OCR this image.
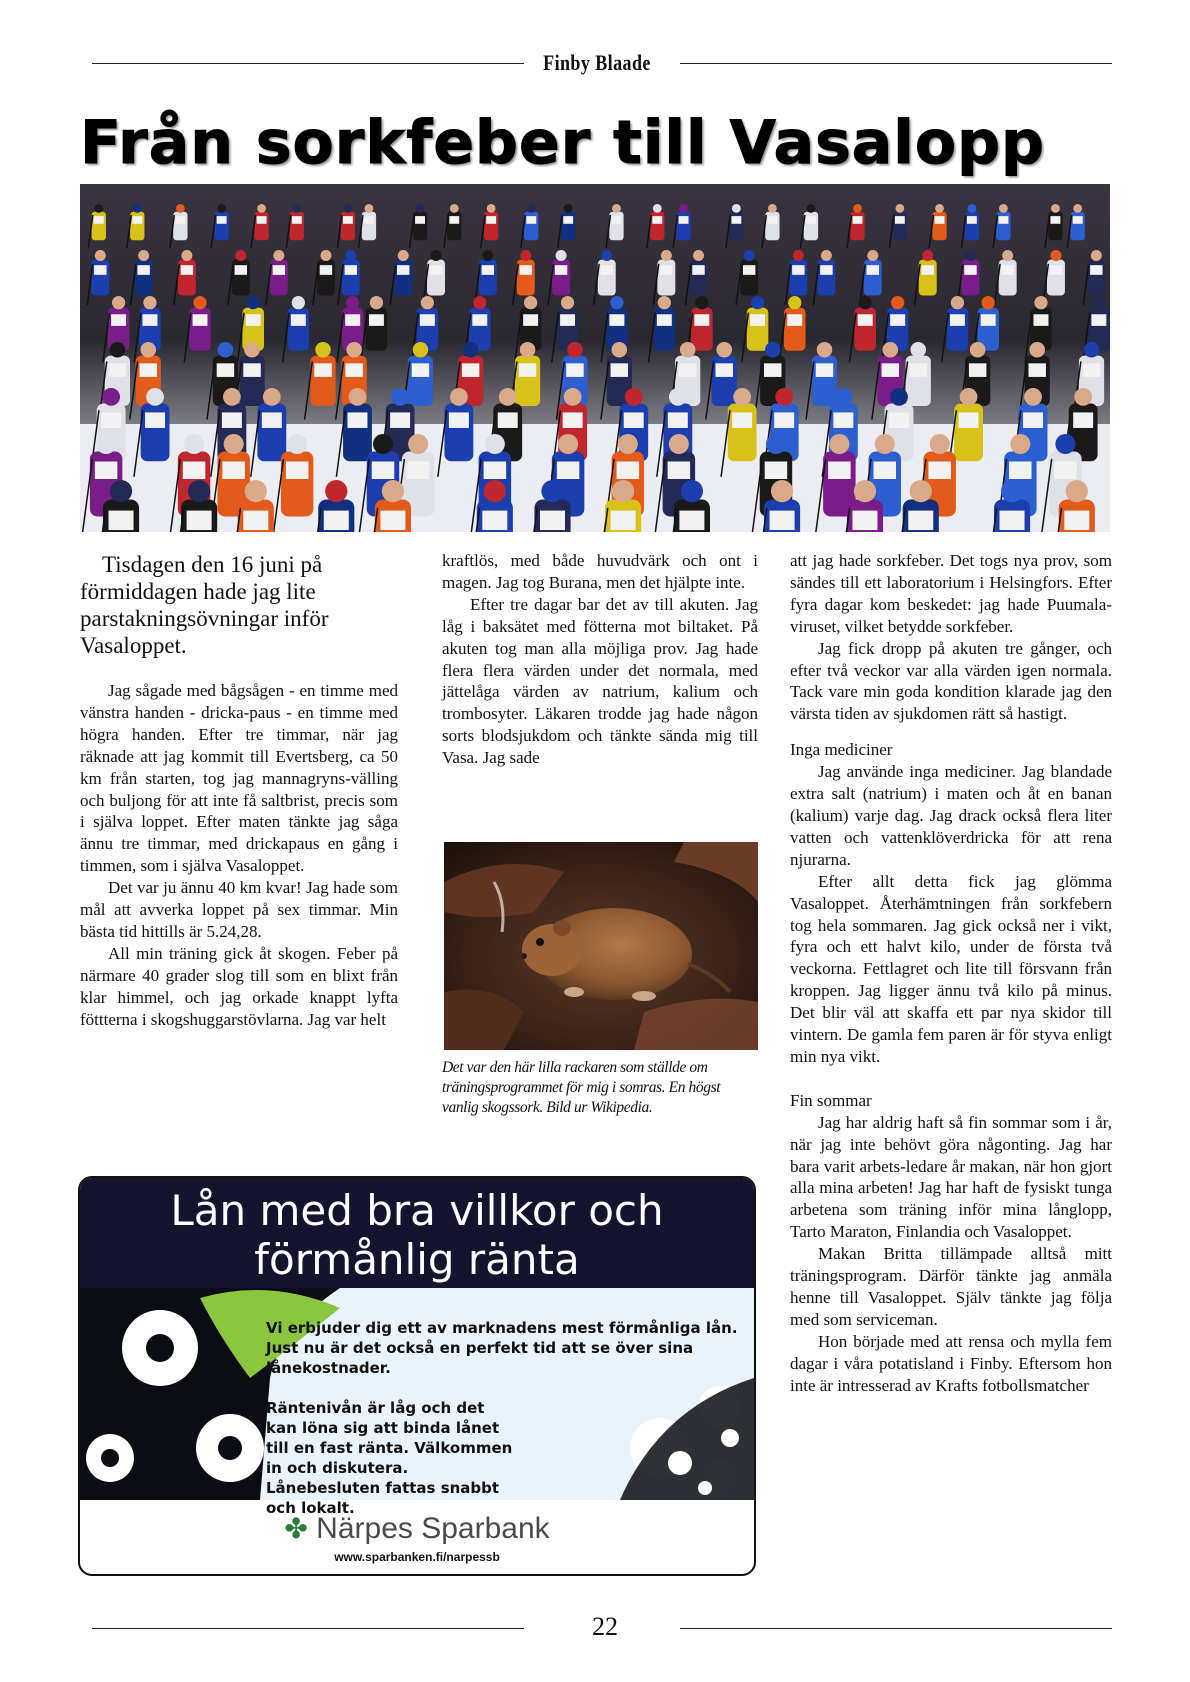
Finby Blaade
Från sorkfeber till Vasalopp

Tisdagen den 16 juni på förmiddagen hade jag lite parstakningsövningar inför Vasaloppet.

Jag sågade med bågsågen - en timme med vänstra handen - dricka-paus - en timme med högra handen. Efter tre timmar, när jag räknade att jag kommit till Evertsberg, ca 50 km från starten, tog jag mannagryns-välling och buljong för att inte få saltbrist, precis som i själva loppet. Efter maten tänkte jag såga ännu tre timmar, med drickapaus en gång i timmen, som i själva Vasaloppet.

Det var ju ännu 40 km kvar! Jag hade som mål att avverka loppet på sex timmar. Min bästa tid hittills är 5.24,28.

All min träning gick åt skogen. Feber på närmare 40 grader slog till som en blixt från klar himmel, och jag orkade knappt lyfta föttterna i skogshuggarstövlarna. Jag var helt

kraftlös, med både huvudvärk och ont i magen. Jag tog Burana, men det hjälpte inte.

Efter tre dagar bar det av till akuten. Jag låg i baksätet med fötterna mot biltaket. På akuten tog man alla möjliga prov. Jag hade flera flera värden under det normala, med jättelåga värden av natrium, kalium och trombosyter. Läkaren trodde jag hade någon sorts blodsjukdom och tänkte sända mig till Vasa. Jag sade

Det var den här lilla rackaren som ställde om träningsprogrammet för mig i somras. En högst vanlig skogssork. Bild ur Wikipedia.

att jag hade sorkfeber. Det togs nya prov, som sändes till ett laboratorium i Helsingfors. Efter fyra dagar kom beskedet: jag hade Puumala-viruset, vilket betydde sorkfeber.

Jag fick dropp på akuten tre gånger, och efter två veckor var alla värden igen normala. Tack vare min goda kondition klarade jag den värsta tiden av sjukdomen rätt så hastigt.

Inga mediciner

Jag använde inga mediciner. Jag blandade extra salt (natrium) i maten och åt en banan (kalium) varje dag. Jag drack också flera liter vatten och vattenklöverdricka för att rena njurarna.

Efter allt detta fick jag glömma Vasaloppet. Återhämtningen från sorkfebern tog hela sommaren. Jag gick också ner i vikt, fyra och ett halvt kilo, under de första två veckorna. Fettlagret och lite till försvann från kroppen. Jag ligger ännu två kilo på minus. Det blir väl att skaffa ett par nya skidor till vintern. De gamla fem paren är för styva enligt min nya vikt.

Fin sommar

Jag har aldrig haft så fin sommar som i år, när jag inte behövt göra någonting. Jag har bara varit arbets-ledare år makan, när hon gjort alla mina arbeten! Jag har haft de fysiskt tunga arbetena som träning inför mina långlopp, Tarto Maraton, Finlandia och Vasaloppet.

Makan Britta tillämpade alltså mitt träningsprogram. Därför tänkte jag anmäla henne till Vasaloppet. Själv tänkte jag följa med som serviceman.

Hon började med att rensa och mylla fem dagar i våra potatisland i Finby. Eftersom hon inte är intresserad av Krafts fotbollsmatcher

Lån med bra villkor och
förmånlig ränta
Vi erbjuder dig ett av marknadens mest förmånliga lån. Just nu är det också en perfekt tid att se över sina lånekostnader.
Räntenivån är låg och det kan löna sig att binda lånet till en fast ränta. Välkommen in och diskutera. Lånebesluten fattas snabbt och lokalt.
✤ Närpes Sparbank
www.sparbanken.fi/narpessb
22
